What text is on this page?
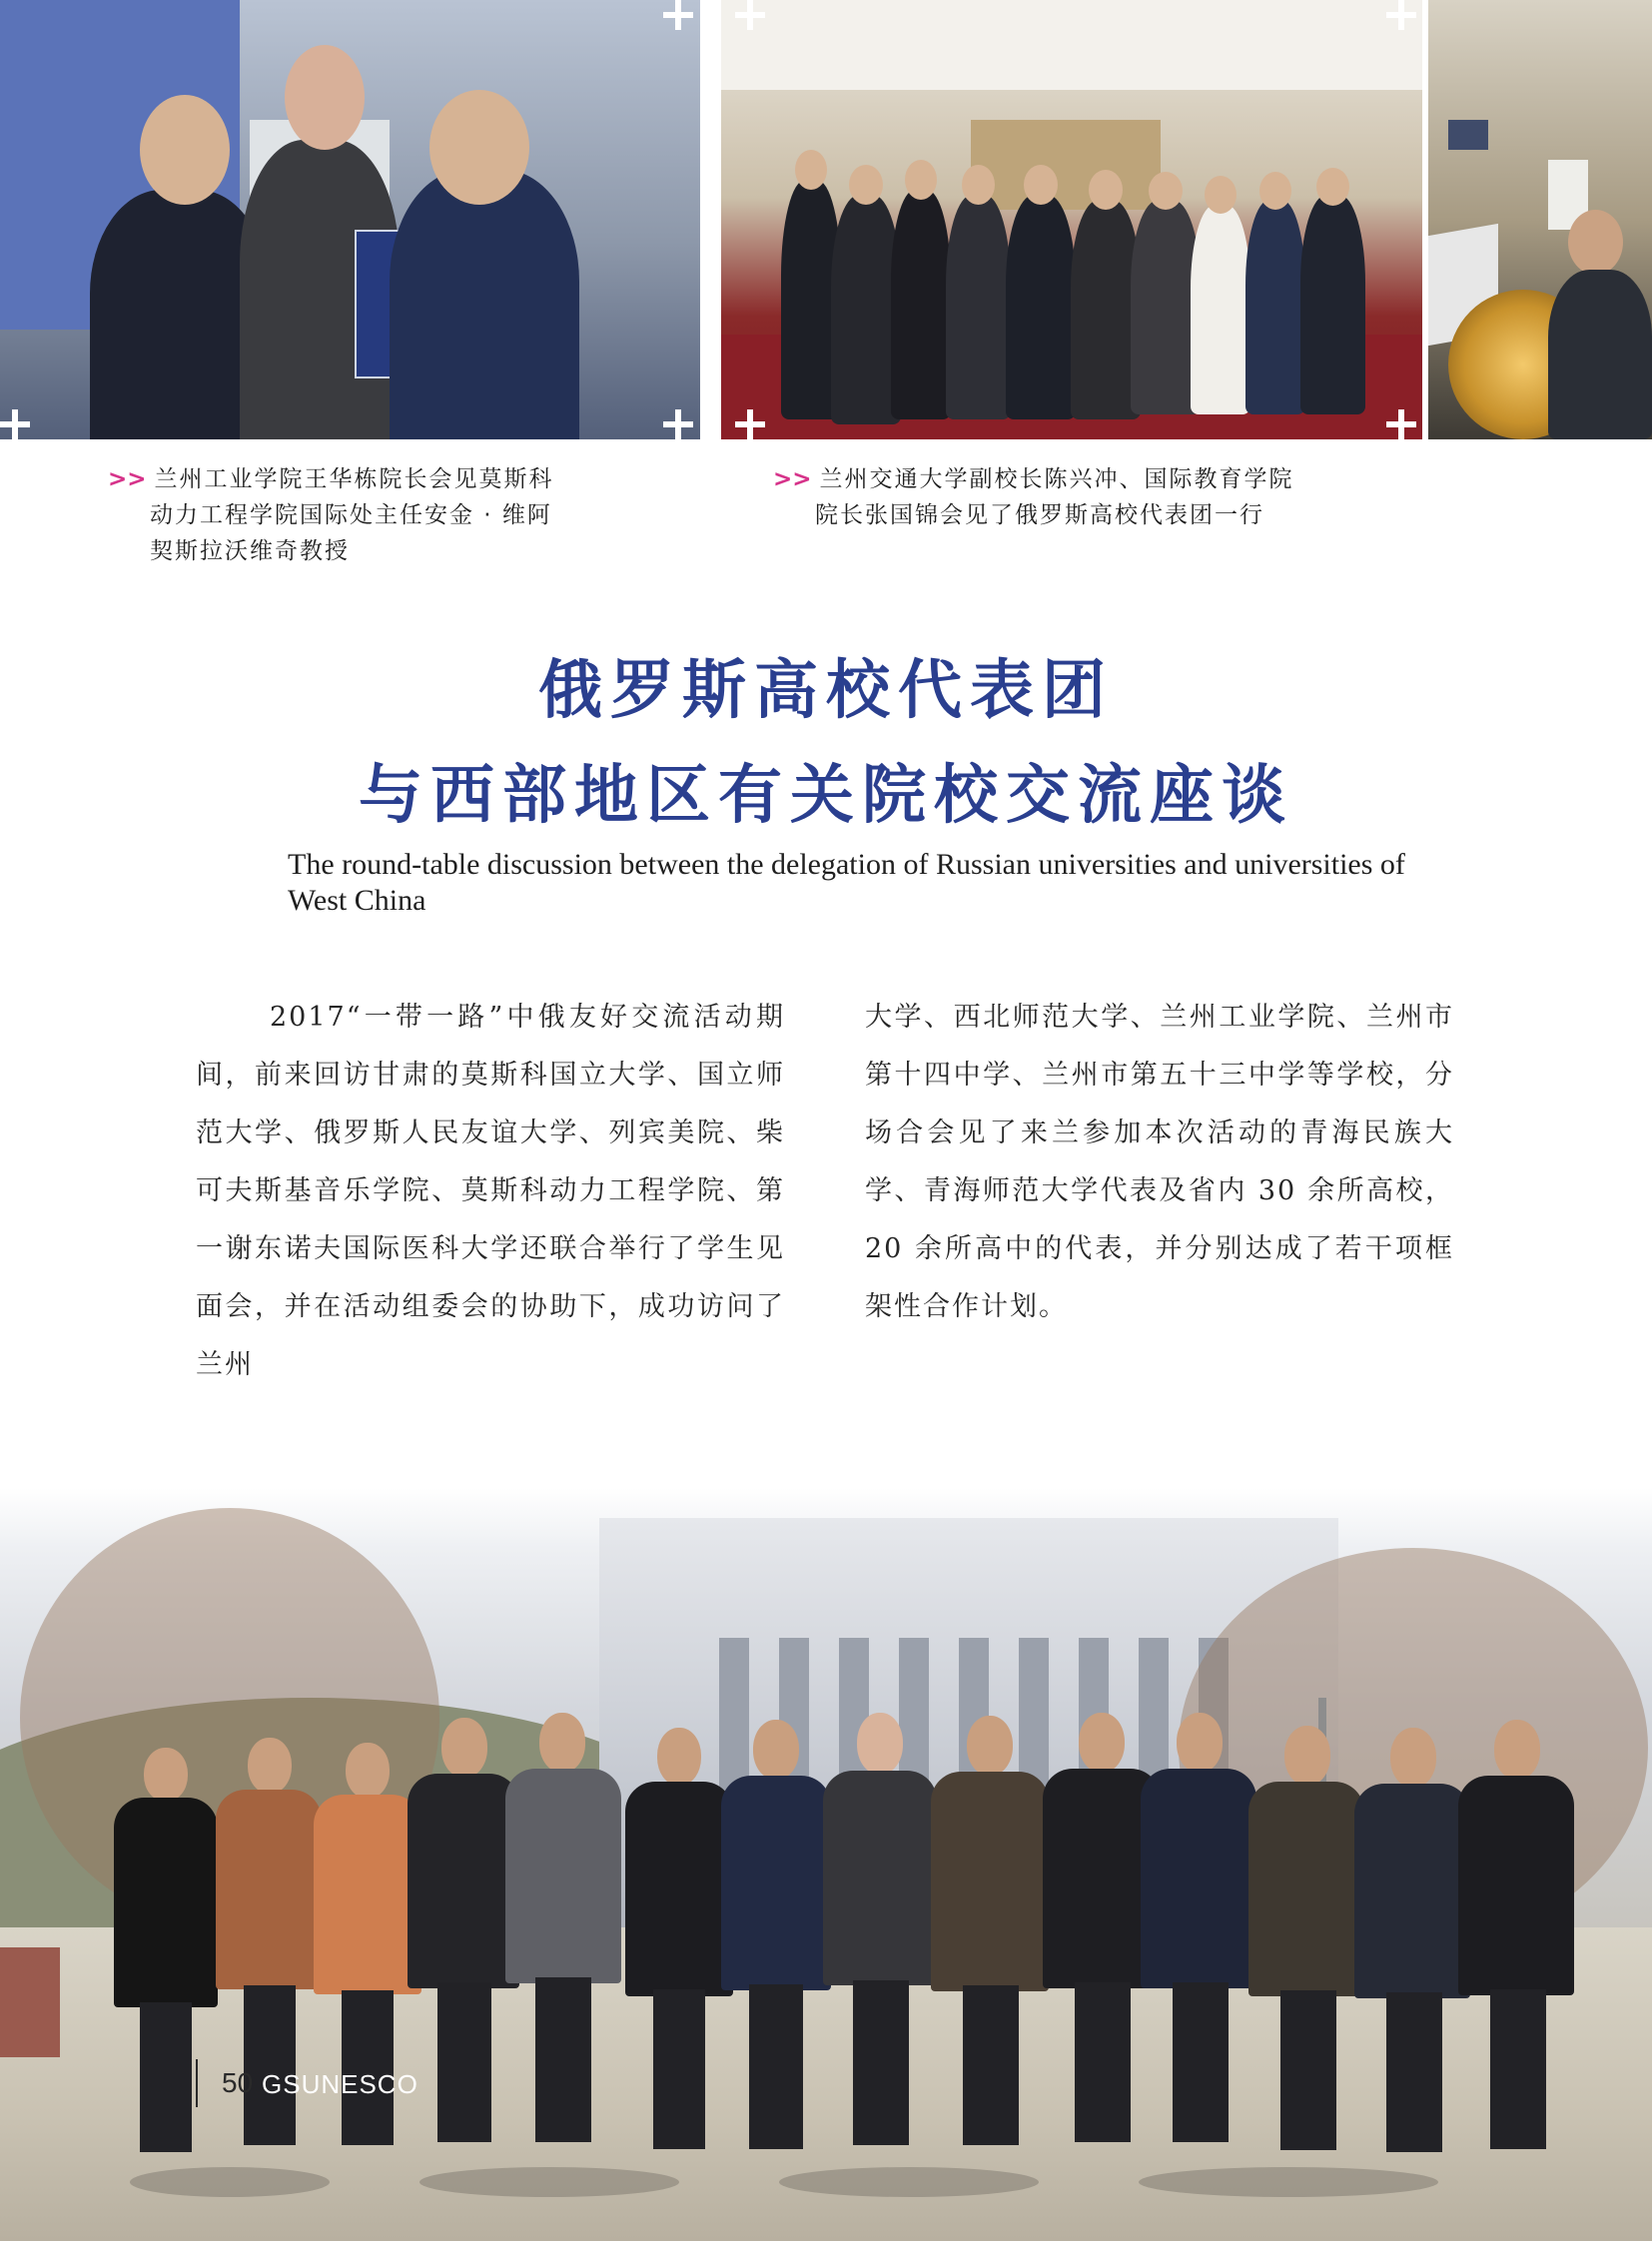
>> 兰州工业学院王华栋院长会见莫斯科
动力工程学院国际处主任安金 · 维阿
契斯拉沃维奇教授
>> 兰州交通大学副校长陈兴冲、国际教育学院
院长张国锦会见了俄罗斯高校代表团一行
俄罗斯高校代表团
与西部地区有关院校交流座谈
The round-table discussion between the delegation of Russian universities and universities of West China
2017“一带一路”中俄友好交流活动期间，前来回访甘肃的莫斯科国立大学、国立师范大学、俄罗斯人民友谊大学、列宾美院、柴可夫斯基音乐学院、莫斯科动力工程学院、第一谢东诺夫国际医科大学还联合举行了学生见面会，并在活动组委会的协助下，成功访问了兰州
大学、西北师范大学、兰州工业学院、兰州市第十四中学、兰州市第五十三中学等学校，分场合会见了来兰参加本次活动的青海民族大学、青海师范大学代表及省内 30 余所高校，20 余所高中的代表，并分别达成了若干项框架性合作计划。
50 GSUNESCO
